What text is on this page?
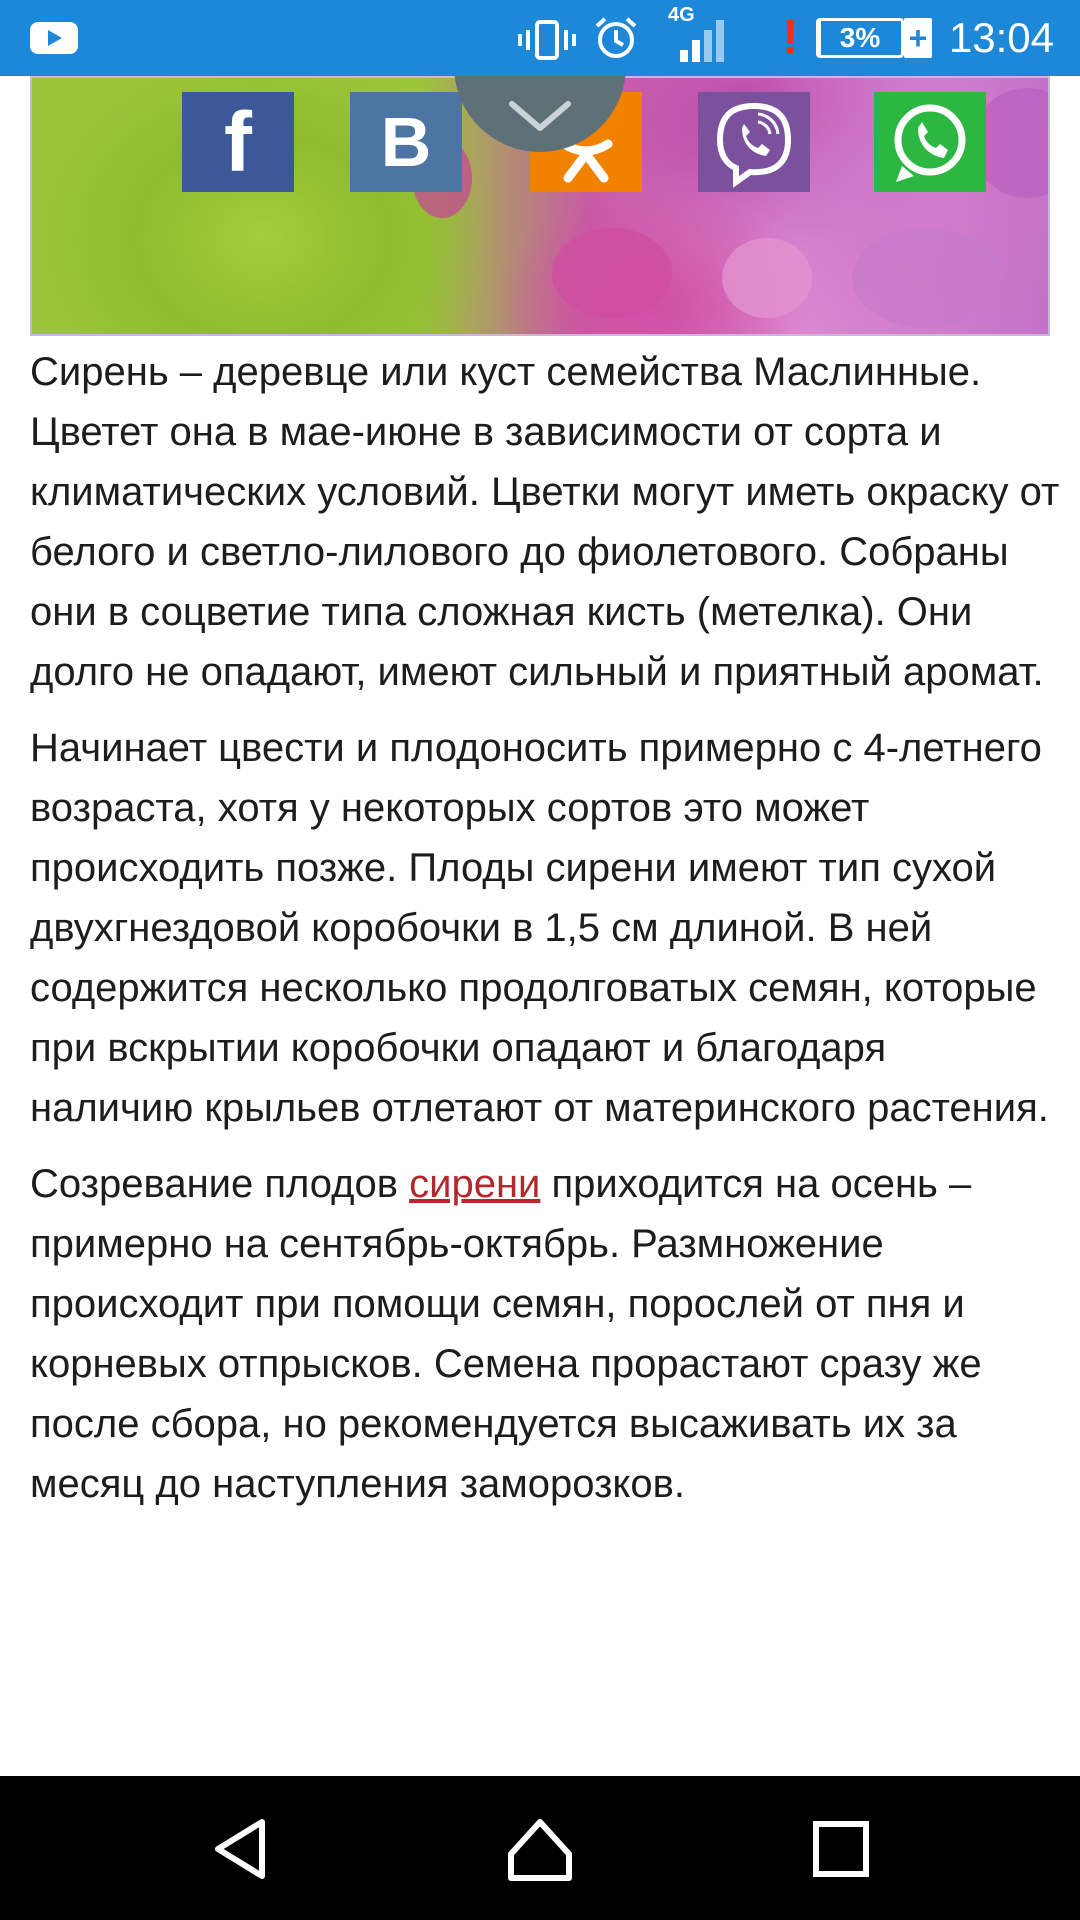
4G !	3% + 13:04
f B

Сирень – деревце или куст семейства Маслинные. Цветет она в мае-июне в зависимости от сорта и климатических условий. Цветки могут иметь окраску от белого и светло-лилового до фиолетового. Собраны они в соцветие типа сложная кисть (метелка). Они долго не опадают, имеют сильный и приятный аромат.

Начинает цвести и плодоносить примерно с 4-летнего возраста, хотя у некоторых сортов это может происходить позже. Плоды сирени имеют тип сухой двухгнездовой коробочки в 1,5 см длиной. В ней содержится несколько продолговатых семян, которые при вскрытии коробочки опадают и благодаря наличию крыльев отлетают от материнского растения.

Созревание плодов сирени приходится на осень – примерно на сентябрь-октябрь. Размножение происходит при помощи семян, порослей от пня и корневых отпрысков. Семена прорастают сразу же после сбора, но рекомендуется высаживать их за месяц до наступления заморозков.
